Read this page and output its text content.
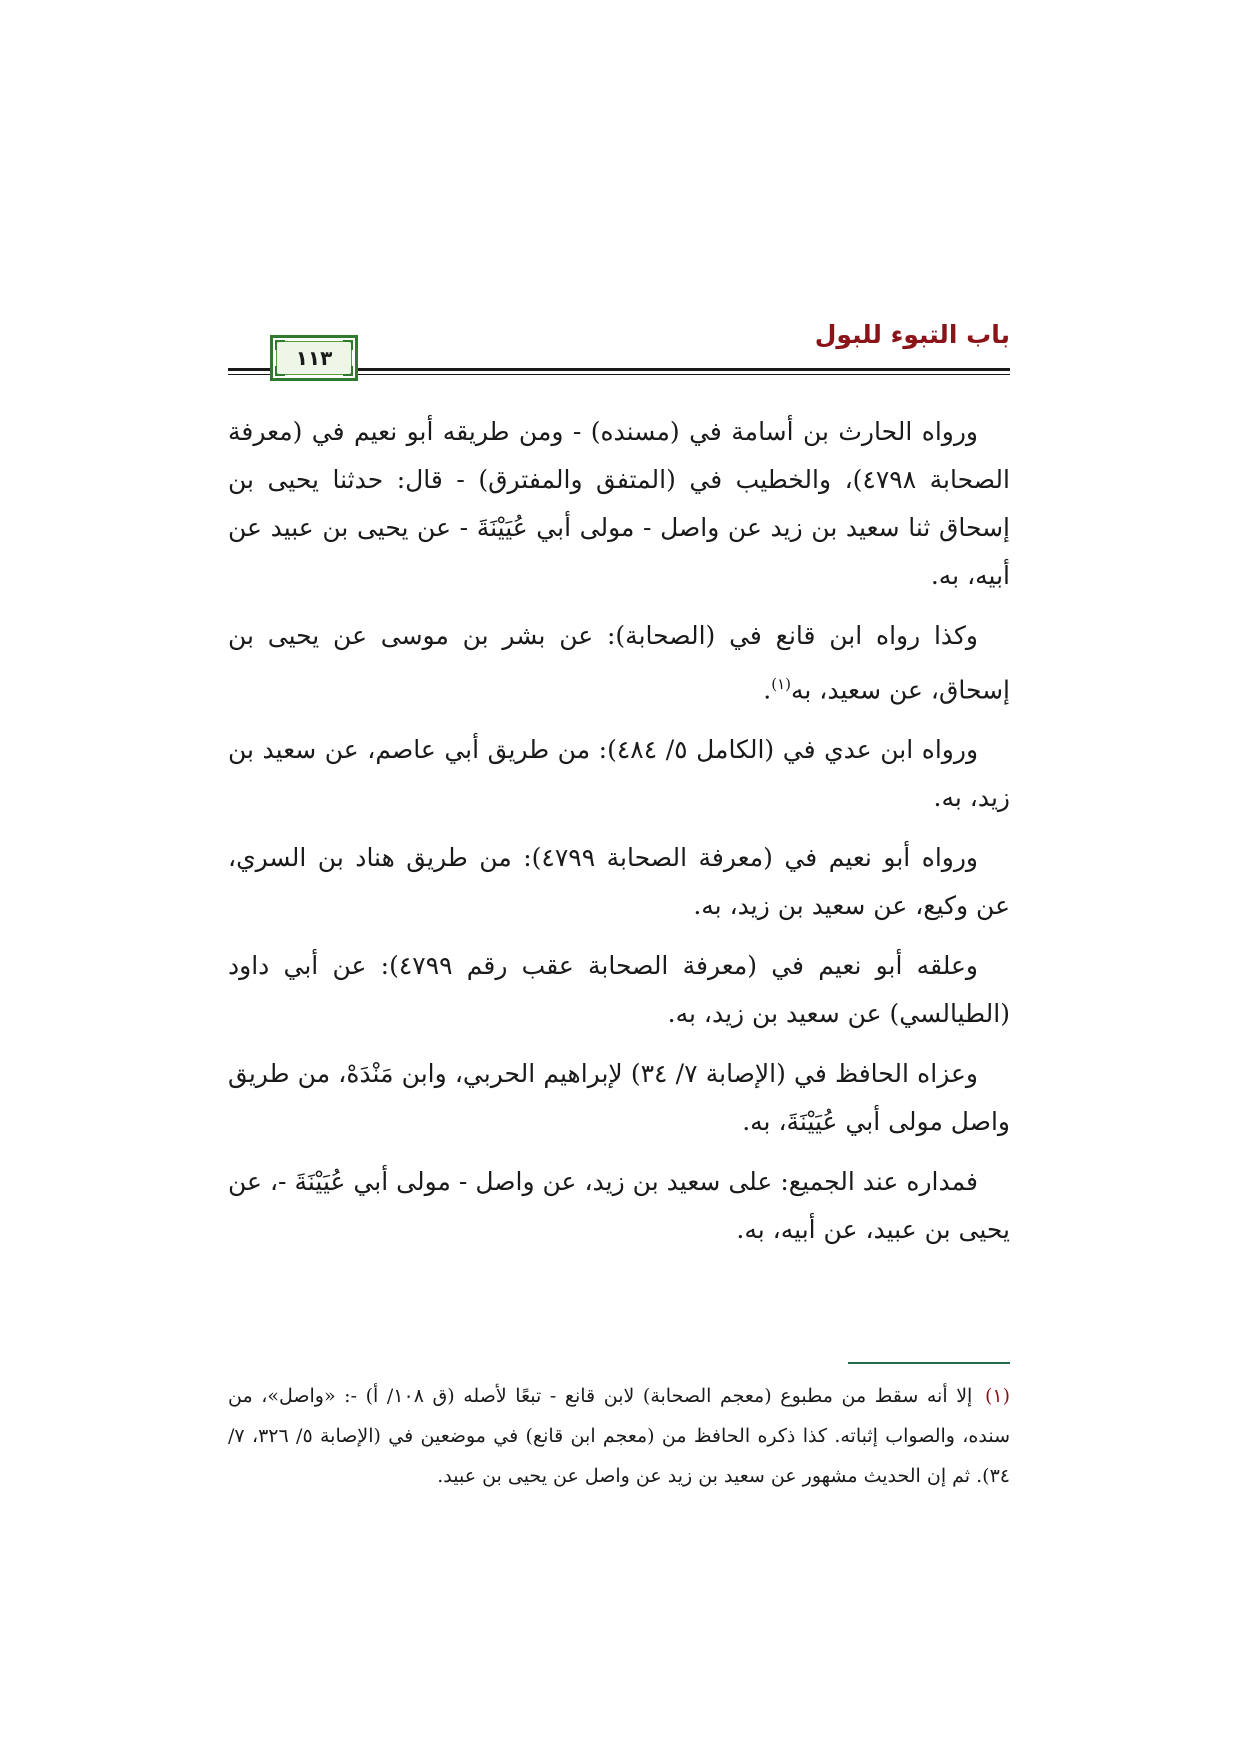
باب التبوء للبول
١١٣

ورواه الحارث بن أسامة في (مسنده) - ومن طريقه أبو نعيم في (معرفة الصحابة ٤٧٩٨)، والخطيب في (المتفق والمفترق) - قال: حدثنا يحيى بن إسحاق ثنا سعيد بن زيد عن واصل - مولى أبي عُيَيْنَةَ - عن يحيى بن عبيد عن أبيه، به.

وكذا رواه ابن قانع في (الصحابة): عن بشر بن موسى عن يحيى بن إسحاق، عن سعيد، به$^{(١)}$.

ورواه ابن عدي في (الكامل ٥/ ٤٨٤): من طريق أبي عاصم، عن سعيد بن زيد، به.

ورواه أبو نعيم في (معرفة الصحابة ٤٧٩٩): من طريق هناد بن السري، عن وكيع، عن سعيد بن زيد، به.

وعلقه أبو نعيم في (معرفة الصحابة عقب رقم ٤٧٩٩): عن أبي داود (الطيالسي) عن سعيد بن زيد، به.

وعزاه الحافظ في (الإصابة ٧/ ٣٤) لإبراهيم الحربي، وابن مَنْدَهْ، من طريق واصل مولى أبي عُيَيْنَةَ، به.

فمداره عند الجميع: على سعيد بن زيد، عن واصل - مولى أبي عُيَيْنَةَ -، عن يحيى بن عبيد، عن أبيه، به.

(١) إلا أنه سقط من مطبوع (معجم الصحابة) لابن قانع - تبعًا لأصله (ق ١٠٨/ أ) -: «واصل»، من سنده، والصواب إثباته. كذا ذكره الحافظ من (معجم ابن قانع) في موضعين في (الإصابة ٥/ ٣٢٦، ٧/ ٣٤). ثم إن الحديث مشهور عن سعيد بن زيد عن واصل عن يحيى بن عبيد.
